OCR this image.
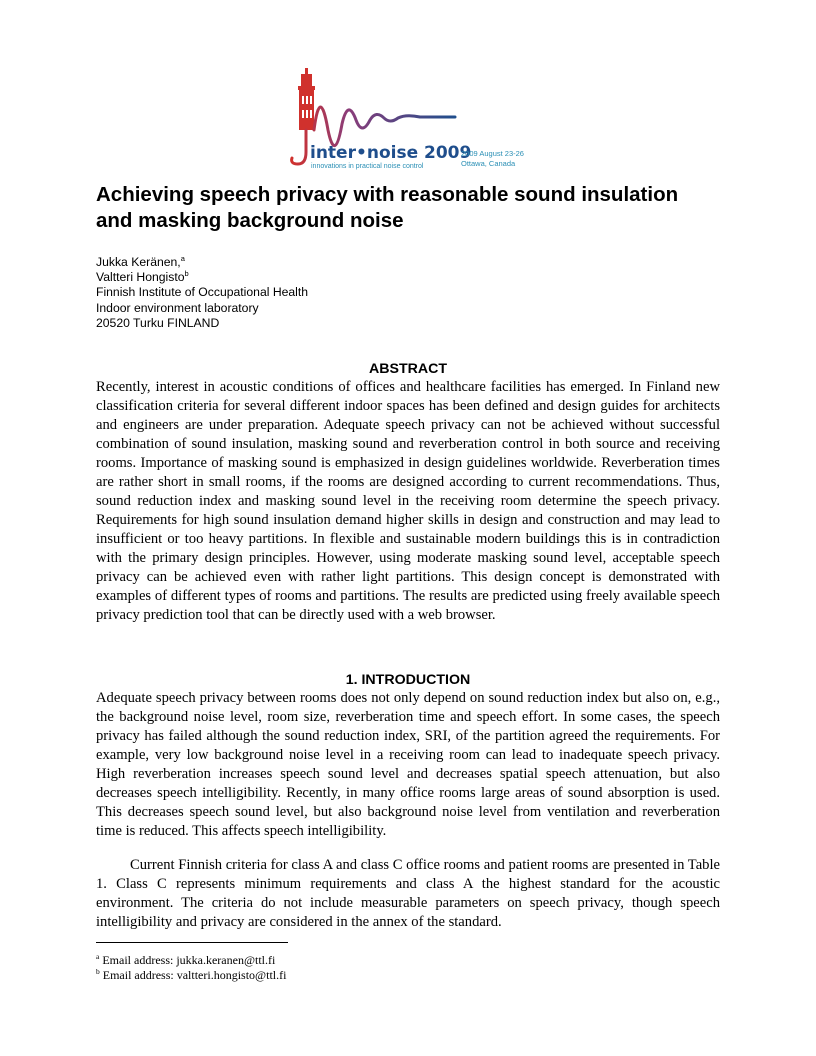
inter•noise 2009
innovations in practical noise control
2009 August 23-26
Ottawa, Canada
Achieving speech privacy with reasonable sound insulation
and masking background noise
Jukka Keränen,$^a$
Valtteri Hongisto$^b$
Finnish Institute of Occupational Health
Indoor environment laboratory
20520 Turku FINLAND
ABSTRACT

Recently, interest in acoustic conditions of offices and healthcare facilities has emerged. In Finland new classification criteria for several different indoor spaces has been defined and design guides for architects and engineers are under preparation. Adequate speech privacy can not be achieved without successful combination of sound insulation, masking sound and reverberation control in both source and receiving rooms. Importance of masking sound is emphasized in design guidelines worldwide. Reverberation times are rather short in small rooms, if the rooms are designed according to current recommendations. Thus, sound reduction index and masking sound level in the receiving room determine the speech privacy. Requirements for high sound insulation demand higher skills in design and construction and may lead to insufficient or too heavy partitions. In flexible and sustainable modern buildings this is in contradiction with the primary design principles. However, using moderate masking sound level, acceptable speech privacy can be achieved even with rather light partitions. This design concept is demonstrated with examples of different types of rooms and partitions. The results are predicted using freely available speech privacy prediction tool that can be directly used with a web browser.

1. INTRODUCTION

Adequate speech privacy between rooms does not only depend on sound reduction index but also on, e.g., the background noise level, room size, reverberation time and speech effort. In some cases, the speech privacy has failed although the sound reduction index, SRI, of the partition agreed the requirements. For example, very low background noise level in a receiving room can lead to inadequate speech privacy. High reverberation increases speech sound level and decreases spatial speech attenuation, but also decreases speech intelligibility. Recently, in many office rooms large areas of sound absorption is used. This decreases speech sound level, but also background noise level from ventilation and reverberation time is reduced. This affects speech intelligibility.

Current Finnish criteria for class A and class C office rooms and patient rooms are presented in Table 1. Class C represents minimum requirements and class A the highest standard for the acoustic environment. The criteria do not include measurable parameters on speech privacy, though speech intelligibility and privacy are considered in the annex of the standard.

$^a$ Email address: jukka.keranen@ttl.fi
$^b$ Email address: valtteri.hongisto@ttl.fi
